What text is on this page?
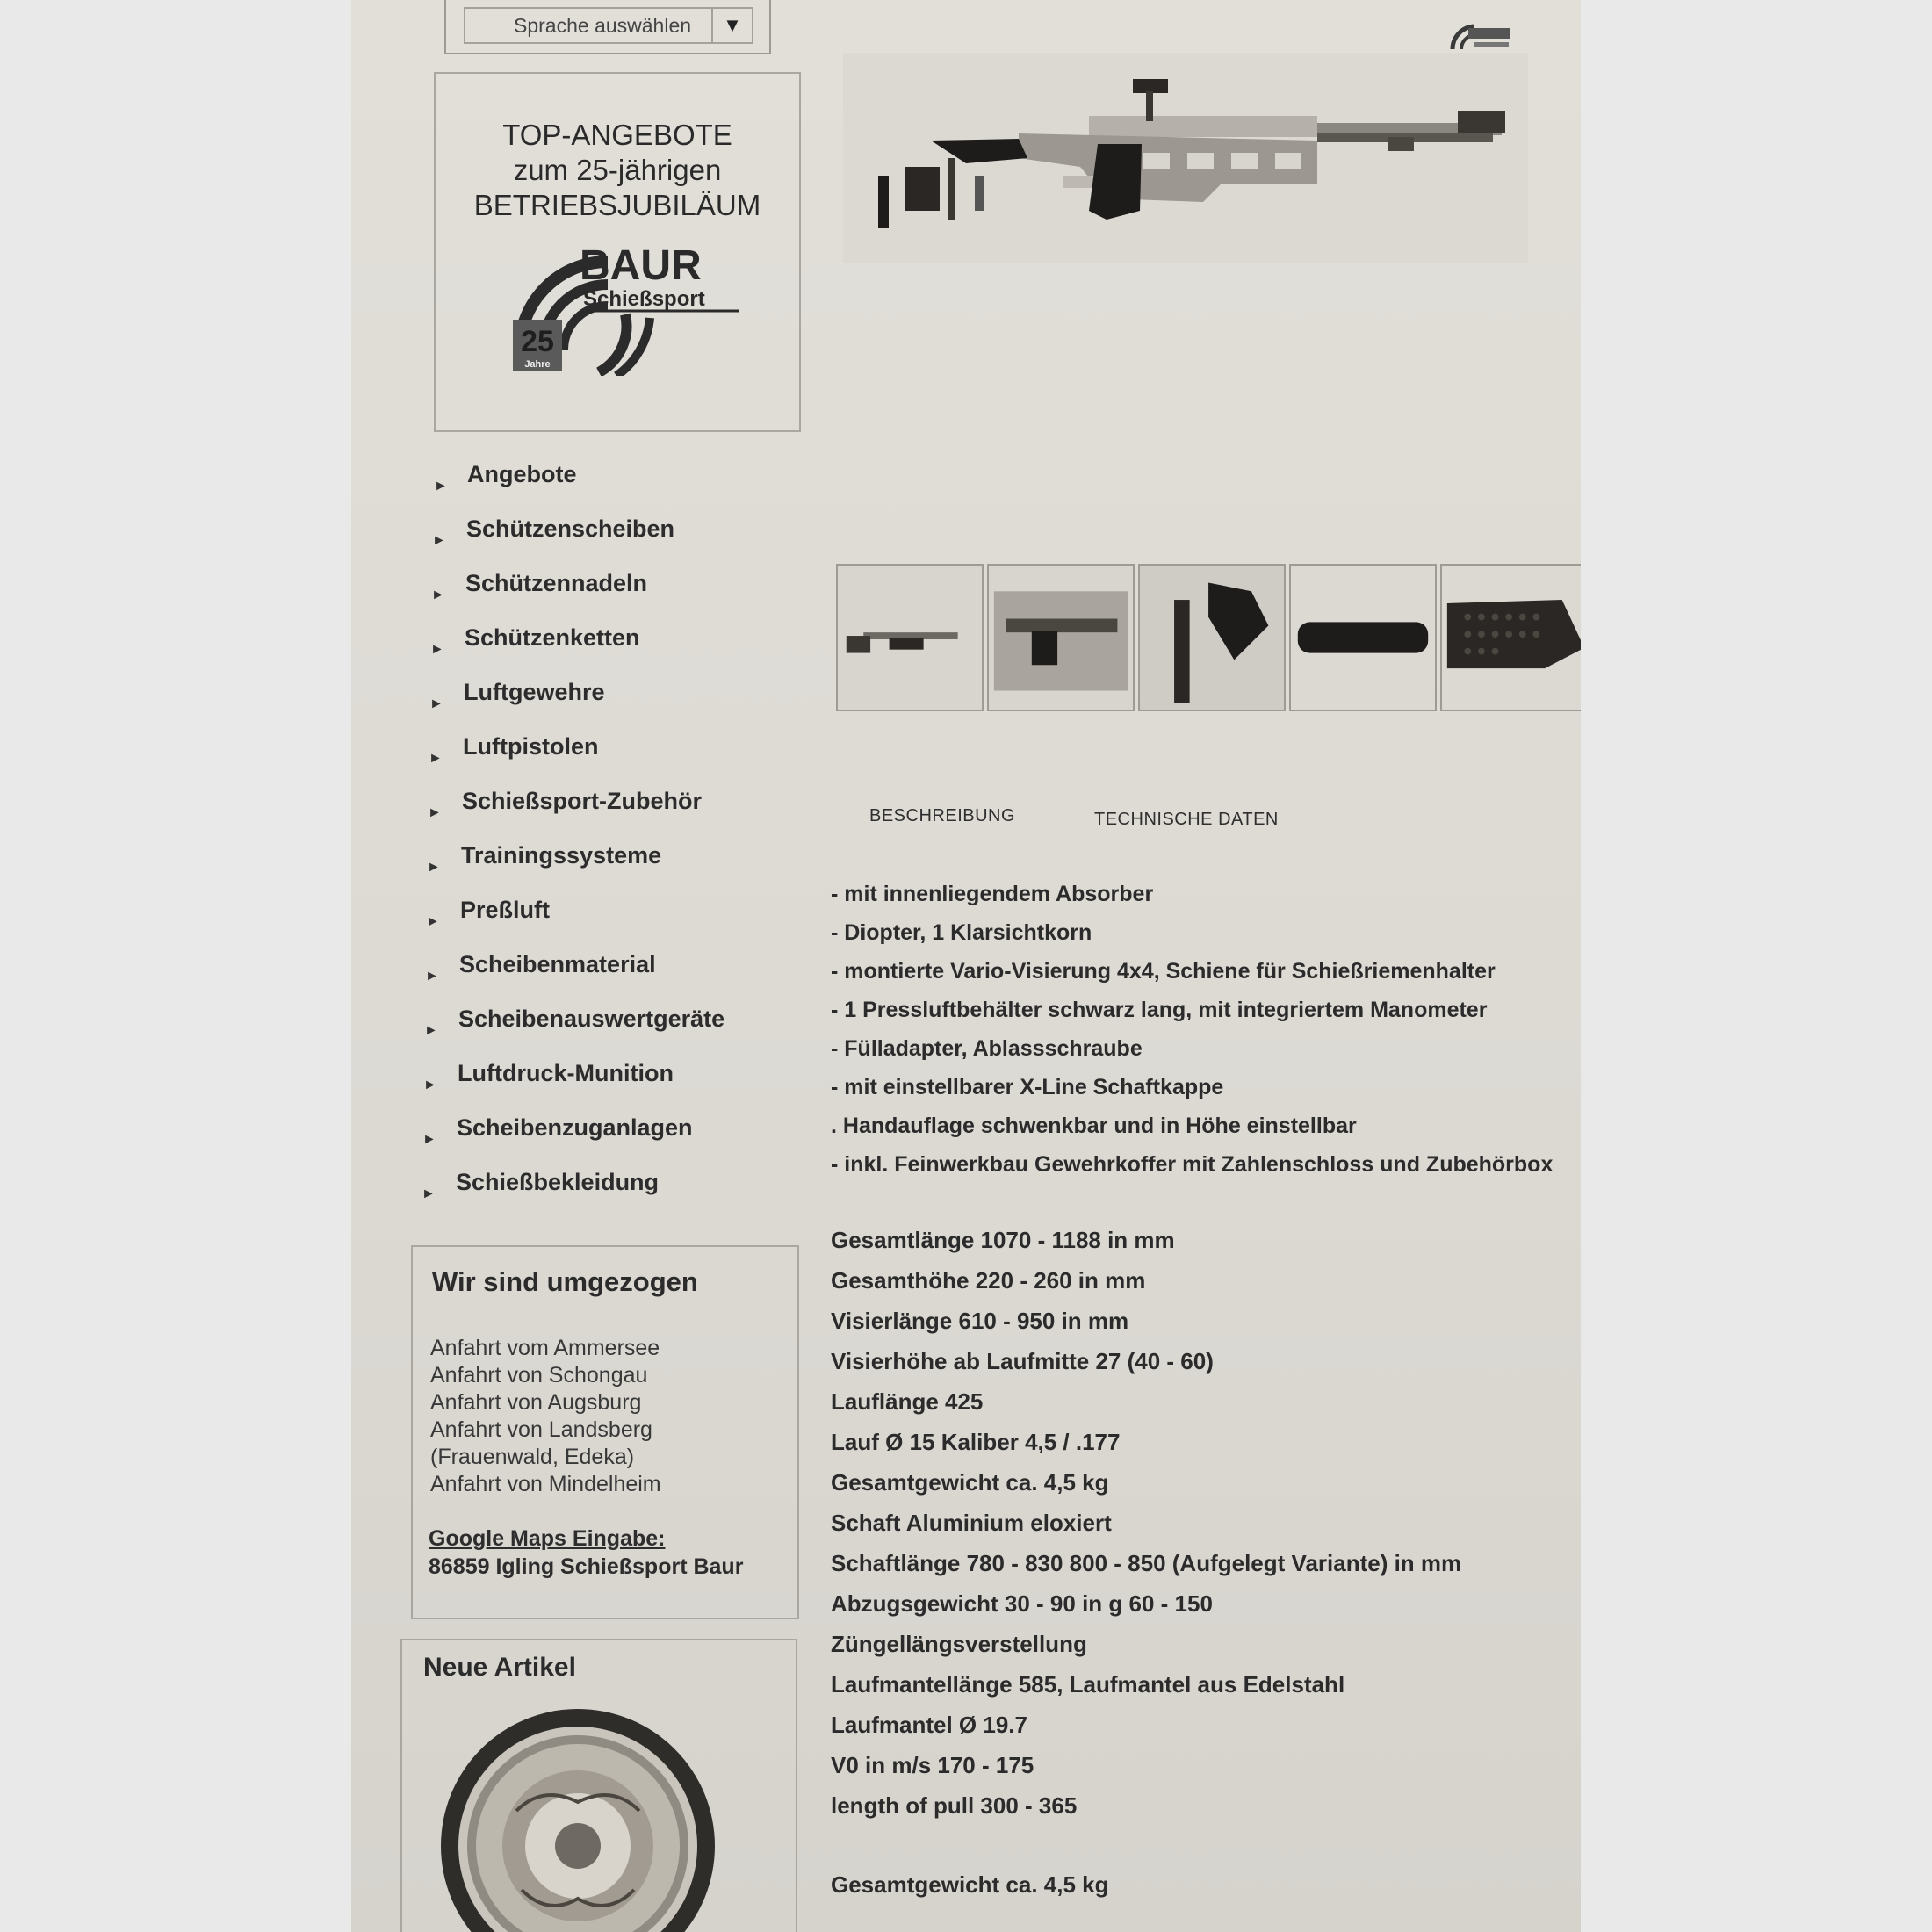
Sprache auswählen	▼
TOP-ANGEBOTE
zum 25-jährigen
BETRIEBSJUBILÄUM
25
Jahre
BAUR
Schießsport
► Angebote
► Schützenscheiben
► Schützennadeln
► Schützenketten
► Luftgewehre
► Luftpistolen
► Schießsport-Zubehör
► Trainingssysteme
► Preßluft
► Scheibenmaterial
► Scheibenauswertgeräte
► Luftdruck-Munition
► Scheibenzuganlagen
► Schießbekleidung
Wir sind umgezogen
Anfahrt vom Ammersee
Anfahrt von Schongau
Anfahrt von Augsburg
Anfahrt von Landsberg
(Frauenwald, Edeka)
Anfahrt von Mindelheim
Google Maps Eingabe:
86859 Igling Schießsport Baur
Neue Artikel
BESCHREIBUNG	TECHNISCHE DATEN
- mit innenliegendem Absorber
- Diopter, 1 Klarsichtkorn
- montierte Vario-Visierung 4x4, Schiene für Schießriemenhalter
- 1 Pressluftbehälter schwarz lang, mit integriertem Manometer
- Fülladapter, Ablassschraube
- mit einstellbarer X-Line Schaftkappe
. Handauflage schwenkbar und in Höhe einstellbar
- inkl. Feinwerkbau Gewehrkoffer mit Zahlenschloss und Zubehörbox
Gesamtlänge 1070 - 1188 in mm
Gesamthöhe 220 - 260 in mm
Visierlänge 610 - 950 in mm
Visierhöhe ab Laufmitte 27 (40 - 60)
Lauflänge 425
Lauf Ø 15 Kaliber 4,5 / .177
Gesamtgewicht ca. 4,5 kg
Schaft Aluminium eloxiert
Schaftlänge 780 - 830 800 - 850 (Aufgelegt Variante) in mm
Abzugsgewicht 30 - 90 in g 60 - 150
Züngellängsverstellung
Laufmantellänge 585, Laufmantel aus Edelstahl
Laufmantel Ø 19.7
V0 in m/s 170 - 175
length of pull 300 - 365
Gesamtgewicht ca. 4,5 kg
